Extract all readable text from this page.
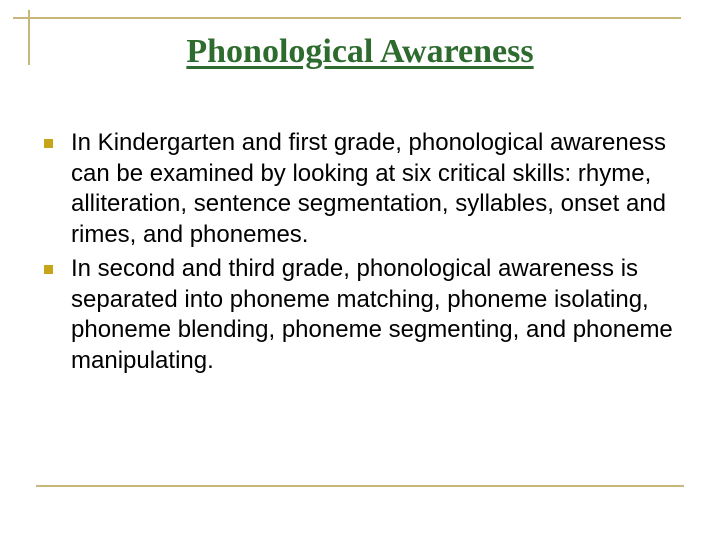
Phonological Awareness
In Kindergarten and first grade, phonological awareness can be examined by looking at six critical skills: rhyme, alliteration, sentence segmentation, syllables, onset and rimes, and phonemes.
In second and third grade, phonological awareness is separated into phoneme matching, phoneme isolating, phoneme blending, phoneme segmenting, and phoneme manipulating.
